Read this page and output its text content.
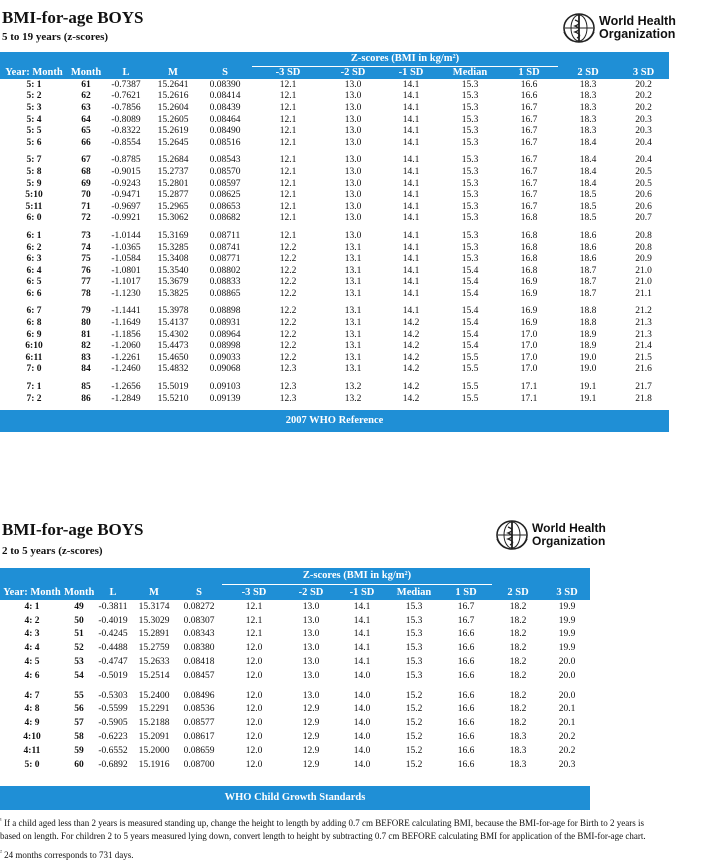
BMI-for-age BOYS
5 to 19 years (z-scores)
World Health
Organization
					Z-scores (BMI in kg/m²)						
Year: Month	Month	L	M	S	-3 SD	-2 SD	-1 SD	Median	1 SD	2 SD	3 SD
5: 1	61	-0.7387	15.2641	0.08390	12.1	13.0	14.1	15.3	16.6	18.3	20.2
5: 2	62	-0.7621	15.2616	0.08414	12.1	13.0	14.1	15.3	16.6	18.3	20.2
5: 3	63	-0.7856	15.2604	0.08439	12.1	13.0	14.1	15.3	16.7	18.3	20.2
5: 4	64	-0.8089	15.2605	0.08464	12.1	13.0	14.1	15.3	16.7	18.3	20.3
5: 5	65	-0.8322	15.2619	0.08490	12.1	13.0	14.1	15.3	16.7	18.3	20.3
5: 6	66	-0.8554	15.2645	0.08516	12.1	13.0	14.1	15.3	16.7	18.4	20.4

5: 7	67	-0.8785	15.2684	0.08543	12.1	13.0	14.1	15.3	16.7	18.4	20.4
5: 8	68	-0.9015	15.2737	0.08570	12.1	13.0	14.1	15.3	16.7	18.4	20.5
5: 9	69	-0.9243	15.2801	0.08597	12.1	13.0	14.1	15.3	16.7	18.4	20.5
5:10	70	-0.9471	15.2877	0.08625	12.1	13.0	14.1	15.3	16.7	18.5	20.6
5:11	71	-0.9697	15.2965	0.08653	12.1	13.0	14.1	15.3	16.7	18.5	20.6
6: 0	72	-0.9921	15.3062	0.08682	12.1	13.0	14.1	15.3	16.8	18.5	20.7

6: 1	73	-1.0144	15.3169	0.08711	12.1	13.0	14.1	15.3	16.8	18.6	20.8
6: 2	74	-1.0365	15.3285	0.08741	12.2	13.1	14.1	15.3	16.8	18.6	20.8
6: 3	75	-1.0584	15.3408	0.08771	12.2	13.1	14.1	15.3	16.8	18.6	20.9
6: 4	76	-1.0801	15.3540	0.08802	12.2	13.1	14.1	15.4	16.8	18.7	21.0
6: 5	77	-1.1017	15.3679	0.08833	12.2	13.1	14.1	15.4	16.9	18.7	21.0
6: 6	78	-1.1230	15.3825	0.08865	12.2	13.1	14.1	15.4	16.9	18.7	21.1

6: 7	79	-1.1441	15.3978	0.08898	12.2	13.1	14.1	15.4	16.9	18.8	21.2
6: 8	80	-1.1649	15.4137	0.08931	12.2	13.1	14.2	15.4	16.9	18.8	21.3
6: 9	81	-1.1856	15.4302	0.08964	12.2	13.1	14.2	15.4	17.0	18.9	21.3
6:10	82	-1.2060	15.4473	0.08998	12.2	13.1	14.2	15.4	17.0	18.9	21.4
6:11	83	-1.2261	15.4650	0.09033	12.2	13.1	14.2	15.5	17.0	19.0	21.5
7: 0	84	-1.2460	15.4832	0.09068	12.3	13.1	14.2	15.5	17.0	19.0	21.6

7: 1	85	-1.2656	15.5019	0.09103	12.3	13.2	14.2	15.5	17.1	19.1	21.7
7: 2	86	-1.2849	15.5210	0.09139	12.3	13.2	14.2	15.5	17.1	19.1	21.8
2007 WHO Reference
BMI-for-age BOYS
2 to 5 years (z-scores)
World Health
Organization
					Z-scores (BMI in kg/m²)						
Year: Month	Month	L	M	S	-3 SD	-2 SD	-1 SD	Median	1 SD	2 SD	3 SD
4: 1	49	-0.3811	15.3174	0.08272	12.1	13.0	14.1	15.3	16.7	18.2	19.9
4: 2	50	-0.4019	15.3029	0.08307	12.1	13.0	14.1	15.3	16.7	18.2	19.9
4: 3	51	-0.4245	15.2891	0.08343	12.1	13.0	14.1	15.3	16.6	18.2	19.9
4: 4	52	-0.4488	15.2759	0.08380	12.0	13.0	14.1	15.3	16.6	18.2	19.9
4: 5	53	-0.4747	15.2633	0.08418	12.0	13.0	14.1	15.3	16.6	18.2	20.0
4: 6	54	-0.5019	15.2514	0.08457	12.0	13.0	14.0	15.3	16.6	18.2	20.0

4: 7	55	-0.5303	15.2400	0.08496	12.0	13.0	14.0	15.2	16.6	18.2	20.0
4: 8	56	-0.5599	15.2291	0.08536	12.0	12.9	14.0	15.2	16.6	18.2	20.1
4: 9	57	-0.5905	15.2188	0.08577	12.0	12.9	14.0	15.2	16.6	18.2	20.1
4:10	58	-0.6223	15.2091	0.08617	12.0	12.9	14.0	15.2	16.6	18.3	20.2
4:11	59	-0.6552	15.2000	0.08659	12.0	12.9	14.0	15.2	16.6	18.3	20.2
5: 0	60	-0.6892	15.1916	0.08700	12.0	12.9	14.0	15.2	16.6	18.3	20.3
WHO Child Growth Standards
$^{^1}$ If a child aged less than 2 years is measured standing up, change the height to length by adding 0.7 cm BEFORE calculating BMI, because the BMI-for-age for Birth to 2 years is
based on length. For children 2 to 5 years measured lying down, convert length to height by subtracting 0.7 cm BEFORE calculating BMI for application of the BMI-for-age chart.
$^{^2}$ 24 months corresponds to 731 days.
